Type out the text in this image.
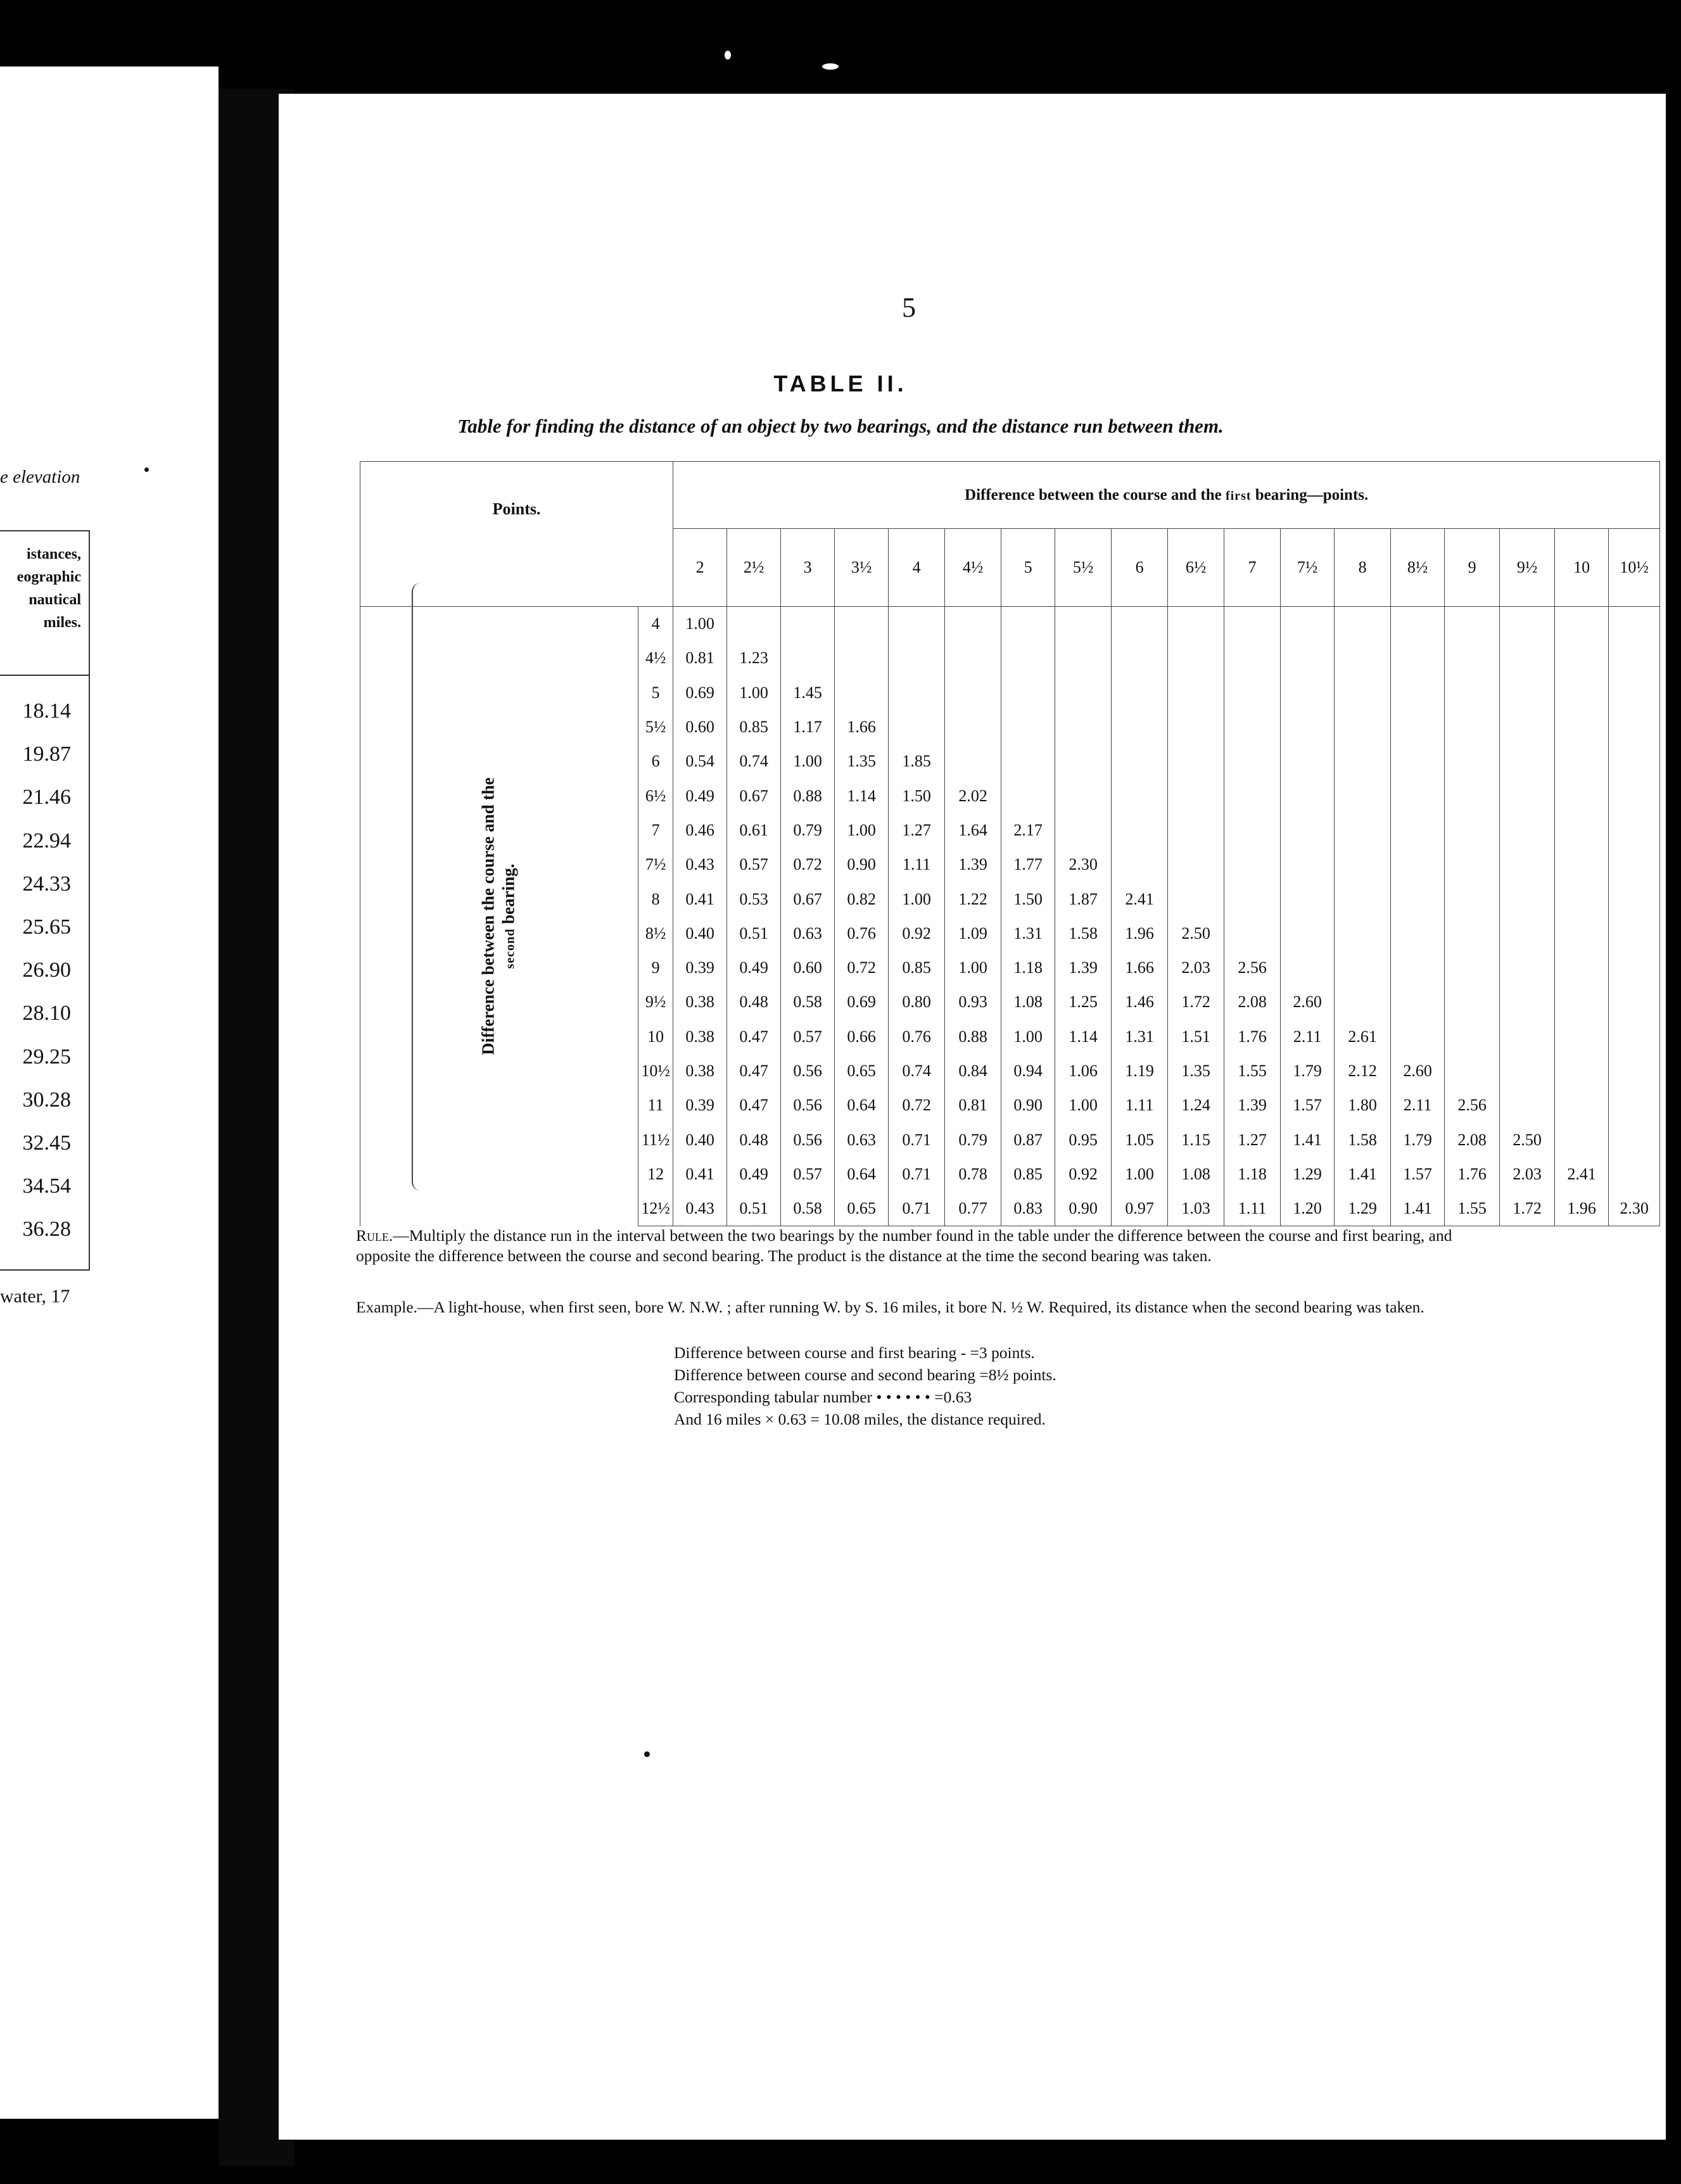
e elevation
istances,
eographic
nautical
miles.
18.14
19.87
21.46
22.94
24.33
25.65
26.90
28.10
29.25
30.28
32.45
34.54
36.28
water, 17
5
TABLE II.
Table for finding the distance of an object by two bearings, and the distance run between them.
Points.		Difference between the course and the first bearing—points.																	
		2	2½	3	3½	4	4½	5	5½	6	6½	7	7½	8	8½	9	9½	10	10½

Difference between the course and the second bearing.	4	1.00																	
	4½	0.81	1.23																
	5	0.69	1.00	1.45															
	5½	0.60	0.85	1.17	1.66														
	6	0.54	0.74	1.00	1.35	1.85													
	6½	0.49	0.67	0.88	1.14	1.50	2.02												
	7	0.46	0.61	0.79	1.00	1.27	1.64	2.17											
	7½	0.43	0.57	0.72	0.90	1.11	1.39	1.77	2.30										
	8	0.41	0.53	0.67	0.82	1.00	1.22	1.50	1.87	2.41									
	8½	0.40	0.51	0.63	0.76	0.92	1.09	1.31	1.58	1.96	2.50								
	9	0.39	0.49	0.60	0.72	0.85	1.00	1.18	1.39	1.66	2.03	2.56							
	9½	0.38	0.48	0.58	0.69	0.80	0.93	1.08	1.25	1.46	1.72	2.08	2.60						
	10	0.38	0.47	0.57	0.66	0.76	0.88	1.00	1.14	1.31	1.51	1.76	2.11	2.61					
	10½	0.38	0.47	0.56	0.65	0.74	0.84	0.94	1.06	1.19	1.35	1.55	1.79	2.12	2.60				
	11	0.39	0.47	0.56	0.64	0.72	0.81	0.90	1.00	1.11	1.24	1.39	1.57	1.80	2.11	2.56			
	11½	0.40	0.48	0.56	0.63	0.71	0.79	0.87	0.95	1.05	1.15	1.27	1.41	1.58	1.79	2.08	2.50		
	12	0.41	0.49	0.57	0.64	0.71	0.78	0.85	0.92	1.00	1.08	1.18	1.29	1.41	1.57	1.76	2.03	2.41	
	12½	0.43	0.51	0.58	0.65	0.71	0.77	0.83	0.90	0.97	1.03	1.11	1.20	1.29	1.41	1.55	1.72	1.96	2.30
Rule.—Multiply the distance run in the interval between the two bearings by the number found in the table under the difference between the course and first bearing, and opposite the difference between the course and second bearing. The product is the distance at the time the second bearing was taken.
Example.—A light-house, when first seen, bore W. N.W. ; after running W. by S. 16 miles, it bore N. ½ W. Required, its distance when the second bearing was taken.
Difference between course and first bearing - =3 points.
Difference between course and second bearing =8½ points.
Corresponding tabular number • • • • • • =0.63
And 16 miles × 0.63 = 10.08 miles, the distance required.
